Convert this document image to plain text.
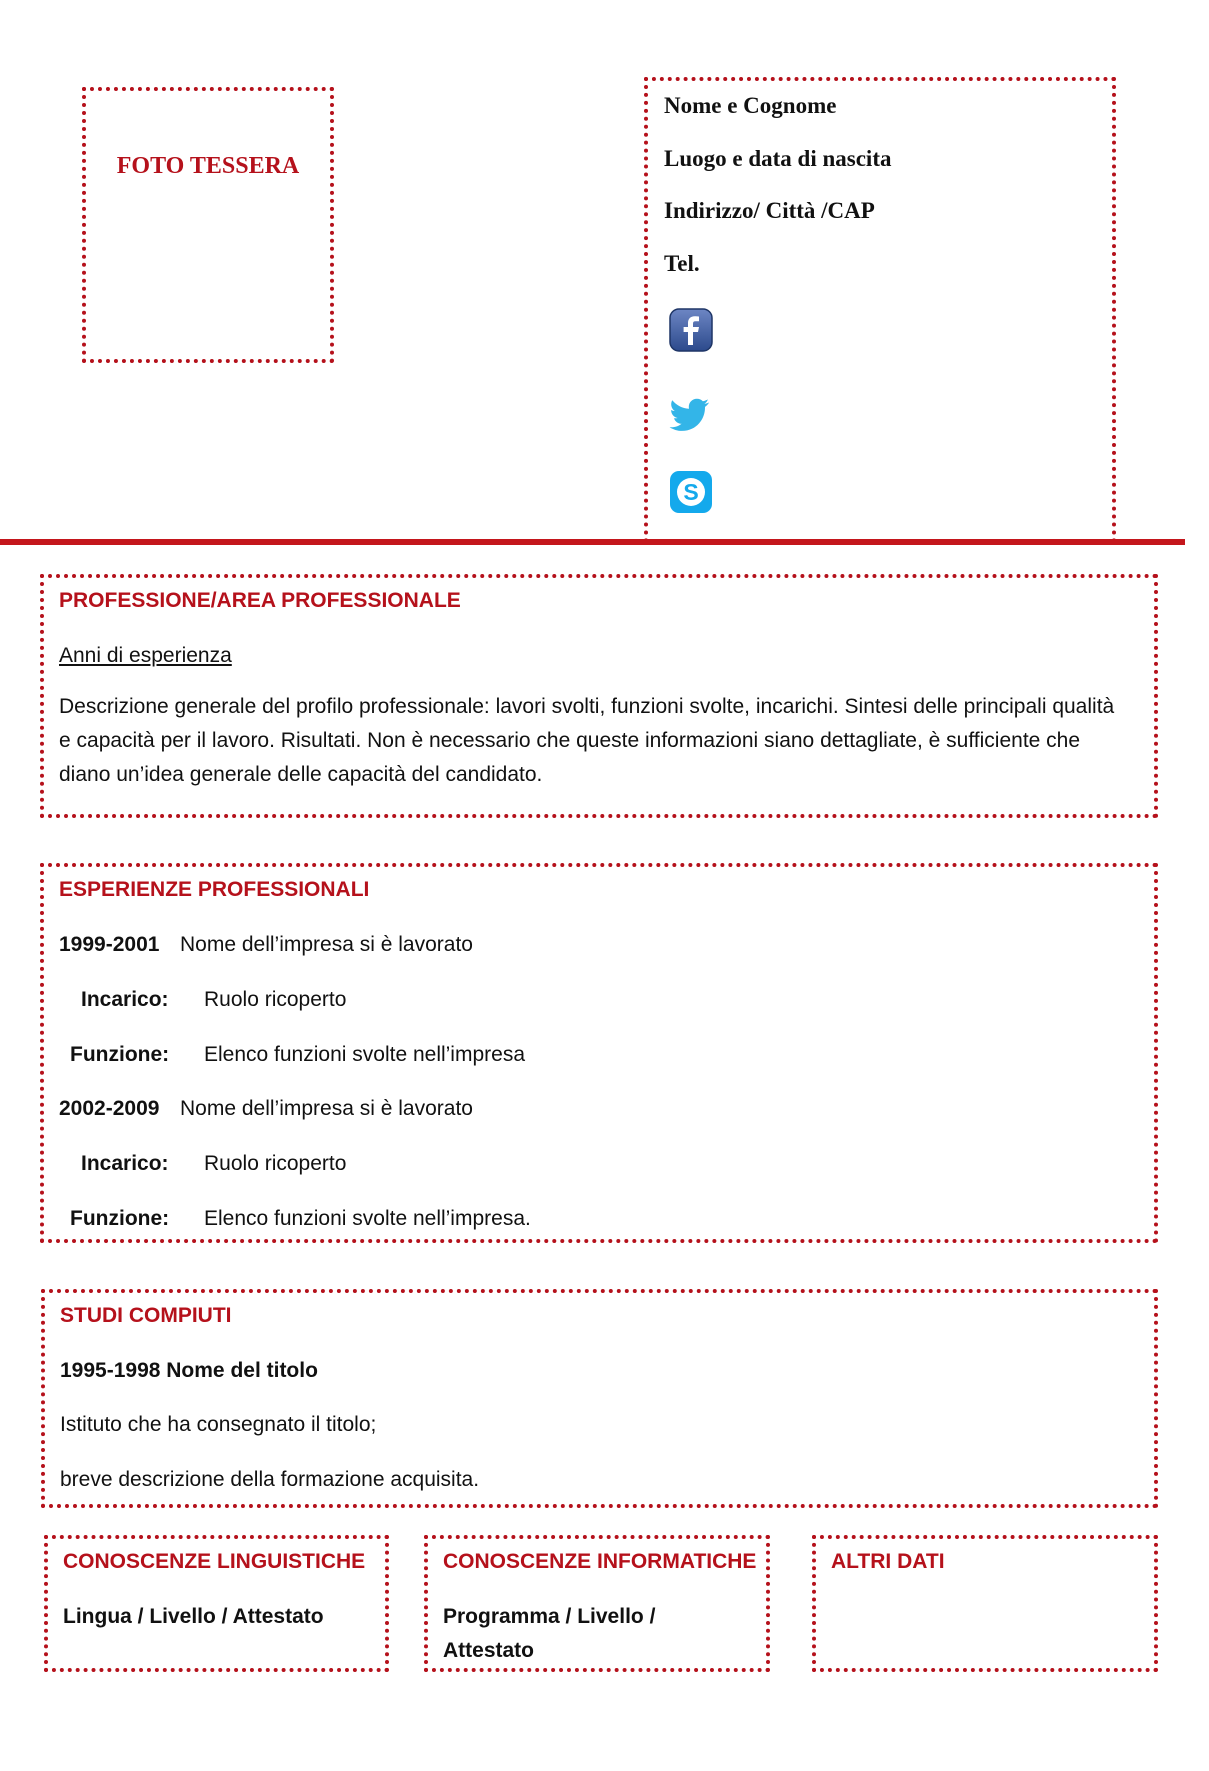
FOTO TESSERA
Nome e Cognome
Luogo e data di nascita
Indirizzo/ Città /CAP
Tel.
S
PROFESSIONE/AREA PROFESSIONALE
Anni di esperienza
Descrizione generale del profilo professionale: lavori svolti, funzioni svolte, incarichi. Sintesi delle principali qualità e capacità per il lavoro. Risultati. Non è necessario che queste informazioni siano dettagliate, è sufficiente che diano un’idea generale delle capacità del candidato.
ESPERIENZE PROFESSIONALI
1999-2001 Nome dell’impresa si è lavorato
Incarico: Ruolo ricoperto
Funzione: Elenco funzioni svolte nell’impresa
2002-2009 Nome dell’impresa si è lavorato
Incarico: Ruolo ricoperto
Funzione: Elenco funzioni svolte nell’impresa.
STUDI COMPIUTI
1995-1998 Nome del titolo
Istituto che ha consegnato il titolo;
breve descrizione della formazione acquisita.
CONOSCENZE LINGUISTICHE
Lingua / Livello / Attestato
CONOSCENZE INFORMATICHE
Programma / Livello /
Attestato
ALTRI DATI
